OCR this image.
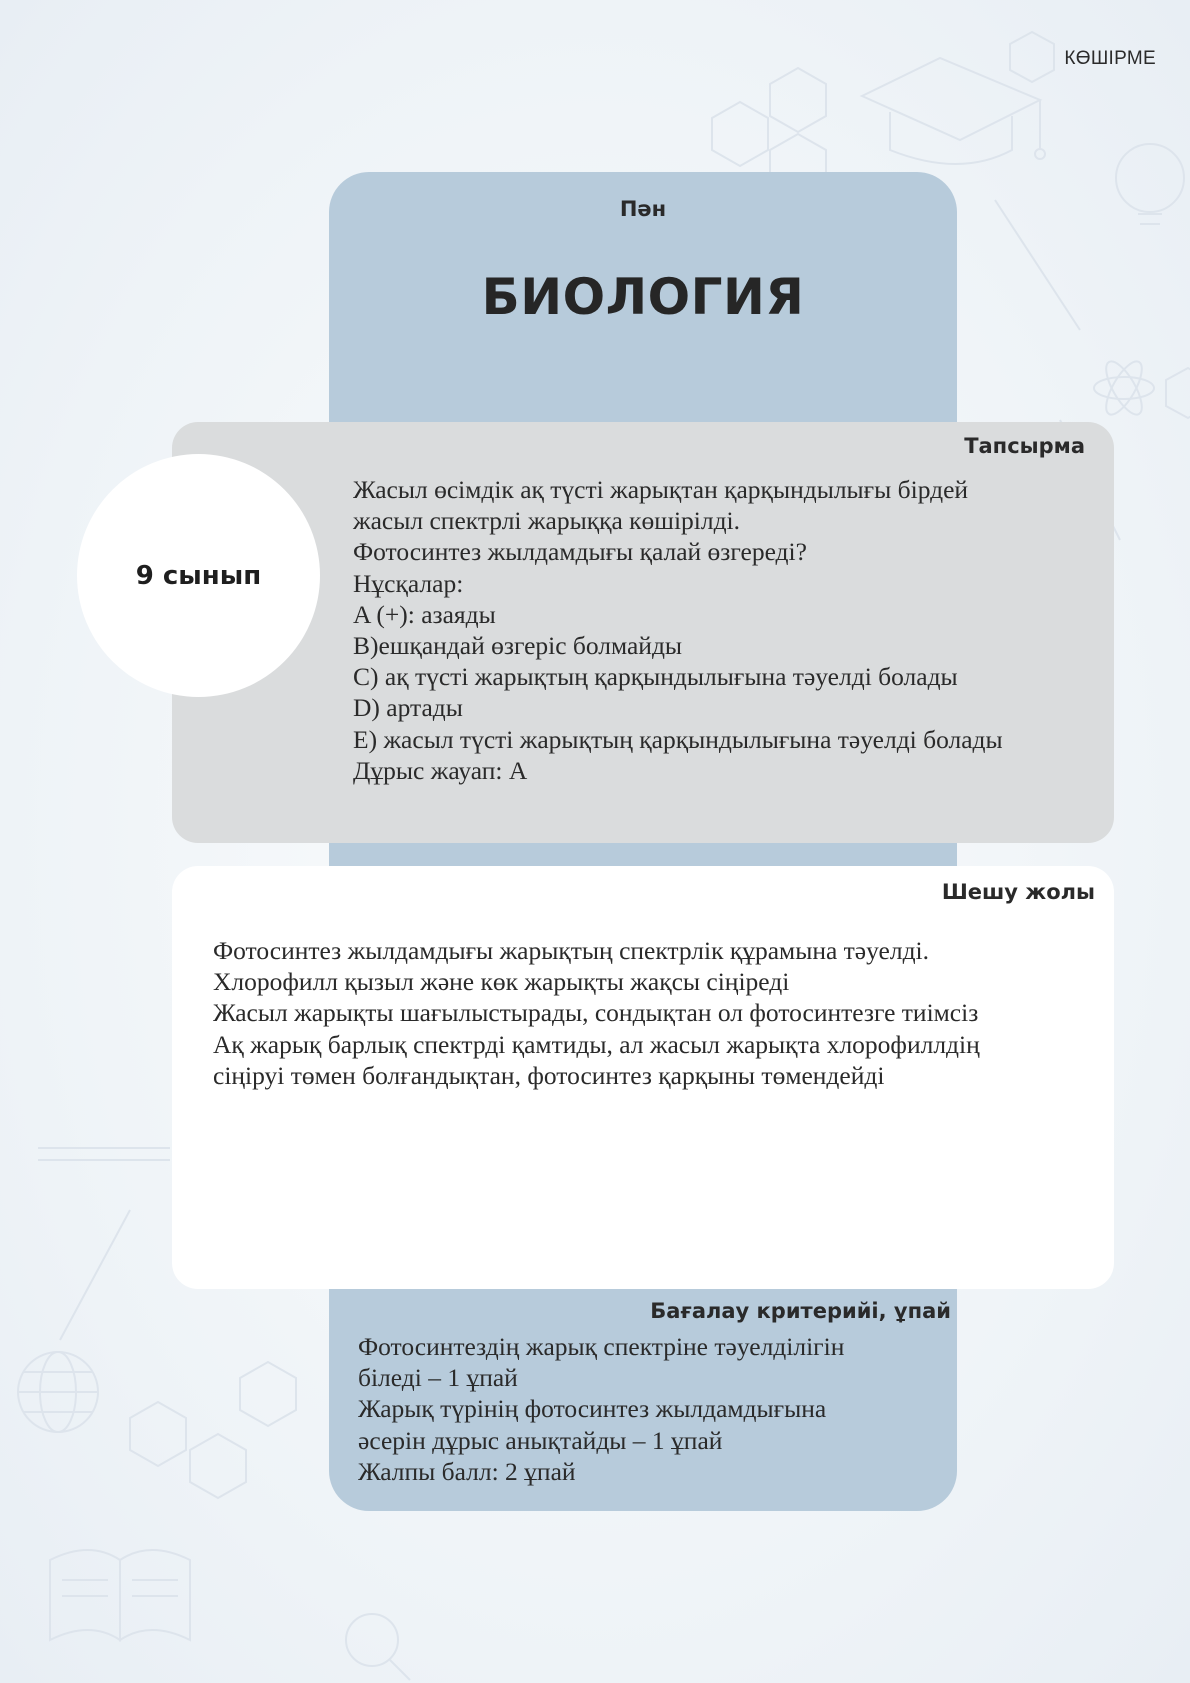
КӨШІРМЕ
Пән
БИОЛОГИЯ
9 сынып
Тапсырма
Жасыл өсімдік ақ түсті жарықтан қарқындылығы бірдей
жасыл спектрлі жарыққа көшірілді.
Фотосинтез жылдамдығы қалай өзгереді?
Нұсқалар:
A (+): азаяды
B)ешқандай өзгеріс болмайды
C) ақ түсті жарықтың қарқындылығына тәуелді болады
D) артады
E) жасыл түсті жарықтың қарқындылығына тәуелді болады
Дұрыс жауап: A
Шешу жолы
Фотосинтез жылдамдығы жарықтың спектрлік құрамына тәуелді.
Хлорофилл қызыл және көк жарықты жақсы сіңіреді
Жасыл жарықты шағылыстырады, сондықтан ол фотосинтезге тиімсіз
Ақ жарық барлық спектрді қамтиды, ал жасыл жарықта хлорофиллдің
сіңіруі төмен болғандықтан, фотосинтез қарқыны төмендейді
Бағалау критерийі, ұпай
Фотосинтездің жарық спектріне тәуелділігін
біледі – 1 ұпай
Жарық түрінің фотосинтез жылдамдығына
әсерін дұрыс анықтайды – 1 ұпай
Жалпы балл: 2 ұпай
